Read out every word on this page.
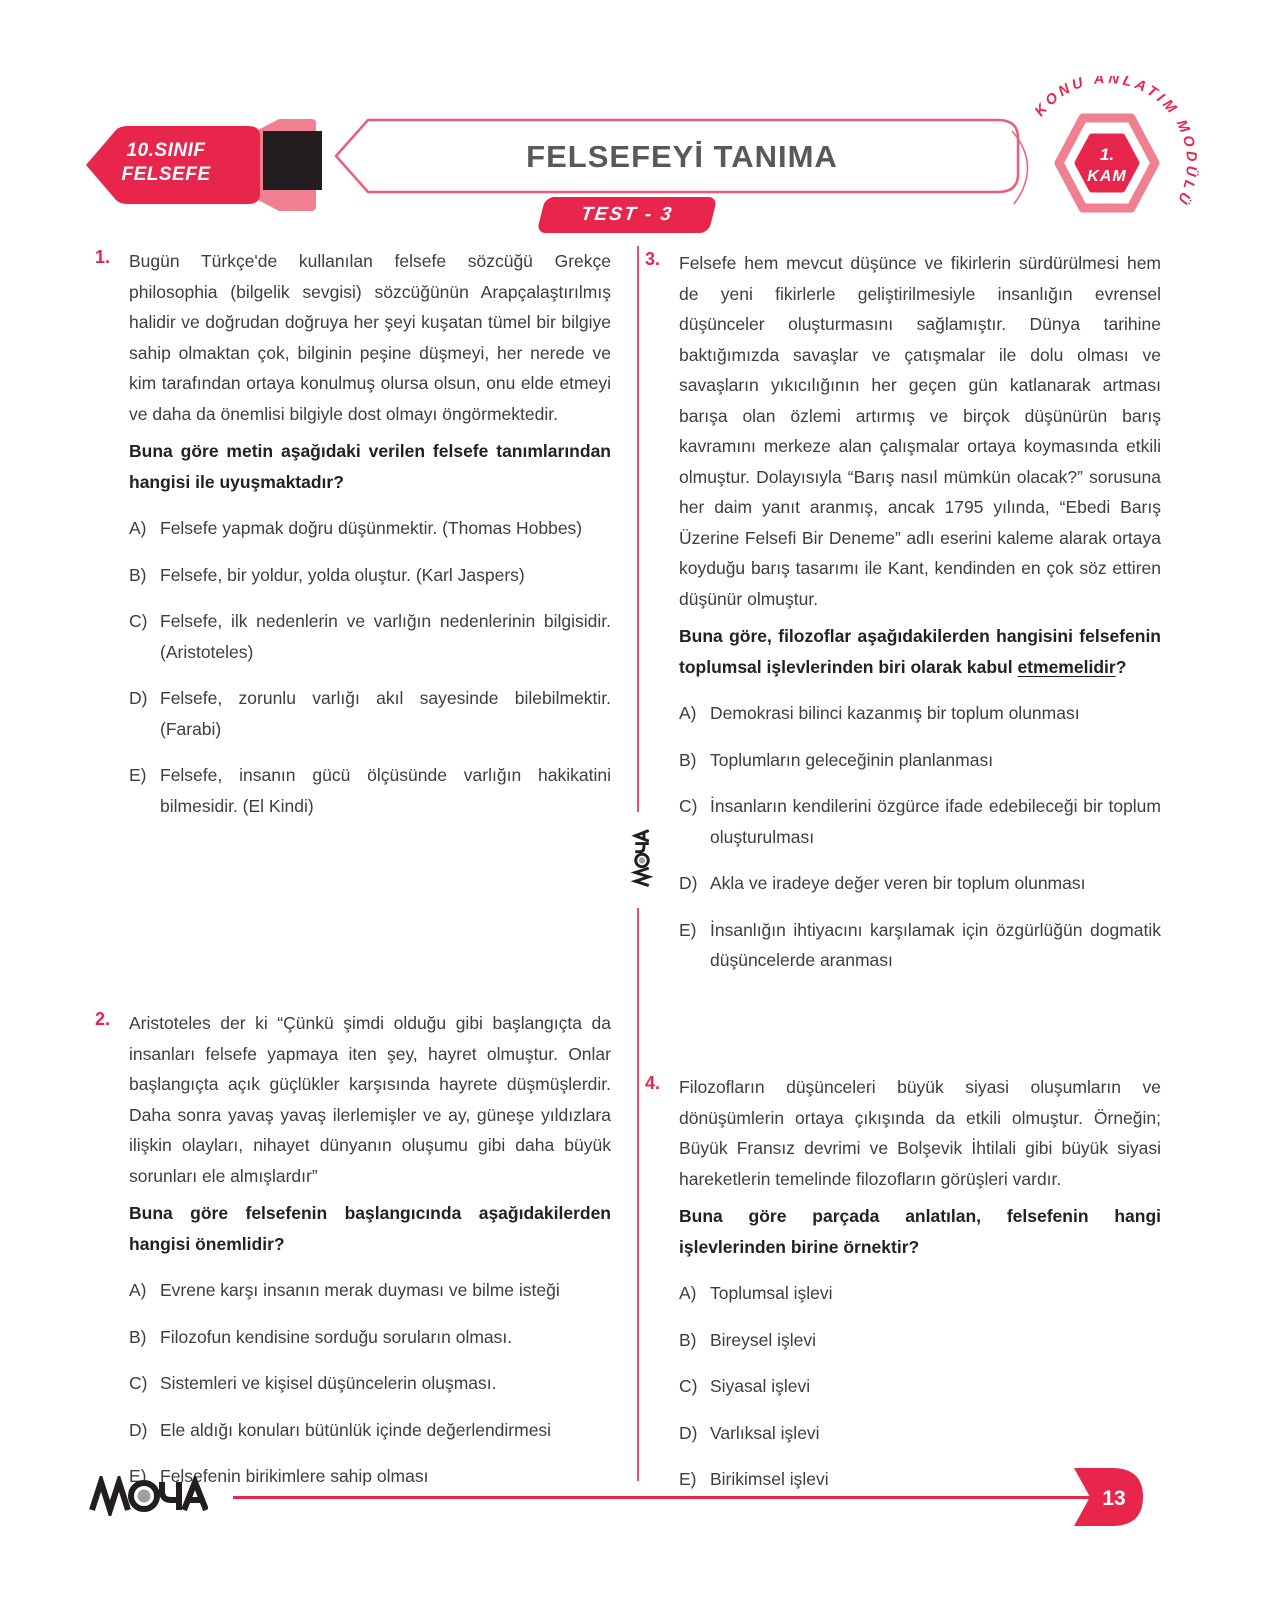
10.SINIF
FELSEFE
FELSEFEYİ TANIMA
TEST - 3
KONU ANLATIM MODÜLÜ
1.
KAM
1.	Bugün Türkçe'de kullanılan felsefe sözcüğü Grekçe philosophia (bilgelik sevgisi) sözcüğünün Arapçalaştırılmış halidir ve doğrudan doğruya her şeyi kuşatan tümel bir bilgiye sahip olmaktan çok, bilginin peşine düşmeyi, her nerede ve kim tarafından ortaya konulmuş olursa olsun, onu elde etmeyi ve daha da önemlisi bilgiyle dost olmayı öngörmektedir.
Buna göre metin aşağıdaki verilen felsefe tanımlarından hangisi ile uyuşmaktadır?
A) Felsefe yapmak doğru düşünmektir. (Thomas Hobbes)
B) Felsefe, bir yoldur, yolda oluştur. (Karl Jaspers)
C) Felsefe, ilk nedenlerin ve varlığın nedenlerinin bilgisidir. (Aristoteles)
D) Felsefe, zorunlu varlığı akıl sayesinde bilebilmektir. (Farabi)
E) Felsefe, insanın gücü ölçüsünde varlığın hakikatini bilmesidir. (El Kindi)
2.	Aristoteles der ki “Çünkü şimdi olduğu gibi başlangıçta da insanları felsefe yapmaya iten şey, hayret olmuştur. Onlar başlangıçta açık güçlükler karşısında hayrete düşmüşlerdir. Daha sonra yavaş yavaş ilerlemişler ve ay, güneşe yıldızlara ilişkin olayları, nihayet dünyanın oluşumu gibi daha büyük sorunları ele almışlardır”
Buna göre felsefenin başlangıcında aşağıdakilerden hangisi önemlidir?
A) Evrene karşı insanın merak duyması ve bilme isteği
B) Filozofun kendisine sorduğu soruların olması.
C) Sistemleri ve kişisel düşüncelerin oluşması.
D) Ele aldığı konuları bütünlük içinde değerlendirmesi
E) Felsefenin birikimlere sahip olması
3.	Felsefe hem mevcut düşünce ve fikirlerin sürdürülmesi hem de yeni fikirlerle geliştirilmesiyle insanlığın evrensel düşünceler oluşturmasını sağlamıştır. Dünya tarihine baktığımızda savaşlar ve çatışmalar ile dolu olması ve savaşların yıkıcılığının her geçen gün katlanarak artması barışa olan özlemi artırmış ve birçok düşünürün barış kavramını merkeze alan çalışmalar ortaya koymasında etkili olmuştur. Dolayısıyla “Barış nasıl mümkün olacak?” sorusuna her daim yanıt aranmış, ancak 1795 yılında, “Ebedi Barış Üzerine Felsefi Bir Deneme” adlı eserini kaleme alarak ortaya koyduğu barış tasarımı ile Kant, kendinden en çok söz ettiren düşünür olmuştur.
Buna göre, filozoflar aşağıdakilerden hangisini felsefenin toplumsal işlevlerinden biri olarak kabul etmemelidir?
A) Demokrasi bilinci kazanmış bir toplum olunması
B) Toplumların geleceğinin planlanması
C) İnsanların kendilerini özgürce ifade edebileceği bir toplum oluşturulması
D) Akla ve iradeye değer veren bir toplum olunması
E) İnsanlığın ihtiyacını karşılamak için özgürlüğün dogmatik düşüncelerde aranması
4.	Filozofların düşünceleri büyük siyasi oluşumların ve dönüşümlerin ortaya çıkışında da etkili olmuştur. Örneğin; Büyük Fransız devrimi ve Bolşevik İhtilali gibi büyük siyasi hareketlerin temelinde filozofların görüşleri vardır.
Buna göre parçada anlatılan, felsefenin hangi işlevlerinden birine örnektir?
A) Toplumsal işlevi
B) Bireysel işlevi
C) Siyasal işlevi
D) Varlıksal işlevi
E) Birikimsel işlevi
13
